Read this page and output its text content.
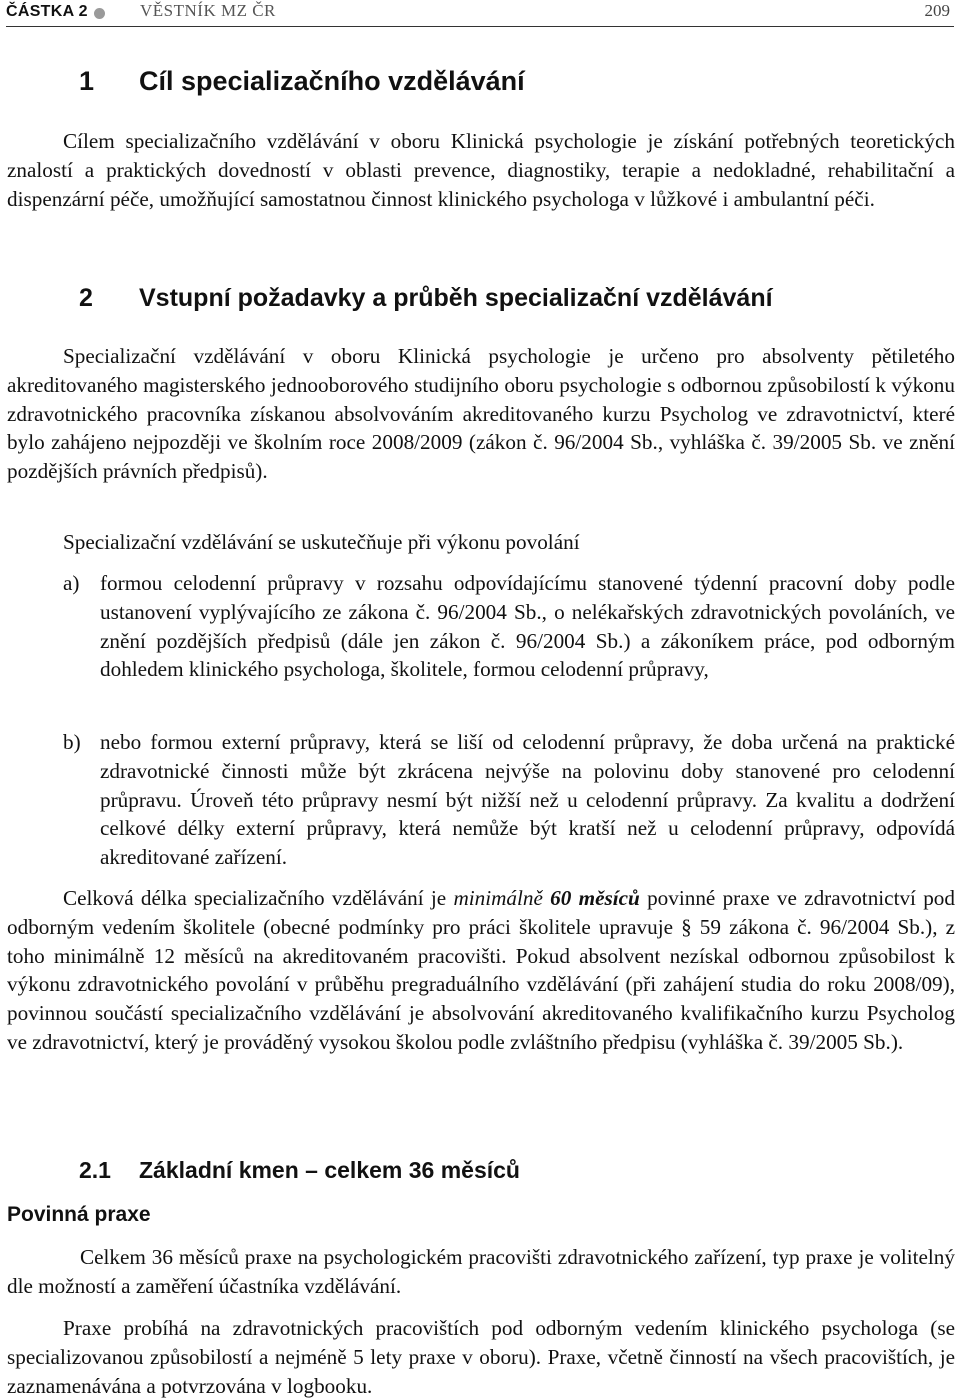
ČÁSTKA 2	VĚSTNÍK MZ ČR	209
1 Cíl specializačního vzdělávání

Cílem specializačního vzdělávání v oboru Klinická psychologie je získání potřebných teoretických znalostí a praktických dovedností v oblasti prevence, diagnostiky, terapie a nedokladné, rehabilitační a dispenzární péče, umožňující samostatnou činnost klinického psychologa v lůžkové i ambulantní péči.

2 Vstupní požadavky a průběh specializační vzdělávání

Specializační vzdělávání v oboru Klinická psychologie je určeno pro absolventy pětiletého akreditovaného magisterského jednooborového studijního oboru psychologie s odbornou způsobilostí k výkonu zdravotnického pracovníka získanou absolvováním akreditovaného kurzu Psycholog ve zdravotnictví, které bylo zahájeno nejpozději ve školním roce 2008/2009 (zákon č. 96/2004 Sb., vyhláška č. 39/2005 Sb. ve znění pozdějších právních předpisů).

Specializační vzdělávání se uskutečňuje při výkonu povolání

a) formou celodenní průpravy v rozsahu odpovídajícímu stanovené týdenní pracovní doby podle ustanovení vyplývajícího ze zákona č. 96/2004 Sb., o nelékařských zdravotnických povoláních, ve znění pozdějších předpisů (dále jen zákon č. 96/2004 Sb.) a zákoníkem práce, pod odborným dohledem klinického psychologa, školitele, formou celodenní průpravy,
b) nebo formou externí průpravy, která se liší od celodenní průpravy, že doba určená na praktické zdravotnické činnosti může být zkrácena nejvýše na polovinu doby stanovené pro celodenní průpravu. Úroveň této průpravy nesmí být nižší než u celodenní průpravy. Za kvalitu a dodržení celkové délky externí průpravy, která nemůže být kratší než u celodenní průpravy, odpovídá akreditované zařízení.

Celková délka specializačního vzdělávání je minimálně 60 měsíců povinné praxe ve zdravotnictví pod odborným vedením školitele (obecné podmínky pro práci školitele upravuje § 59 zákona č. 96/2004 Sb.), z toho minimálně 12 měsíců na akreditovaném pracovišti. Pokud absolvent nezískal odbornou způsobilost k výkonu zdravotnického povolání v průběhu pregraduálního vzdělávání (při zahájení studia do roku 2008/09), povinnou součástí specializačního vzdělávání je absolvování akreditovaného kvalifikačního kurzu Psycholog ve zdravotnictví, který je prováděný vysokou školou podle zvláštního předpisu (vyhláška č. 39/2005 Sb.).

2.1 Základní kmen – celkem 36 měsíců
Povinná praxe

Celkem 36 měsíců praxe na psychologickém pracovišti zdravotnického zařízení, typ praxe je volitelný dle možností a zaměření účastníka vzdělávání.

Praxe probíhá na zdravotnických pracovištích pod odborným vedením klinického psychologa (se specializovanou způsobilostí a nejméně 5 lety praxe v oboru). Praxe, včetně činností na všech pracovištích, je zaznamenávána a potvrzována v logbooku.
